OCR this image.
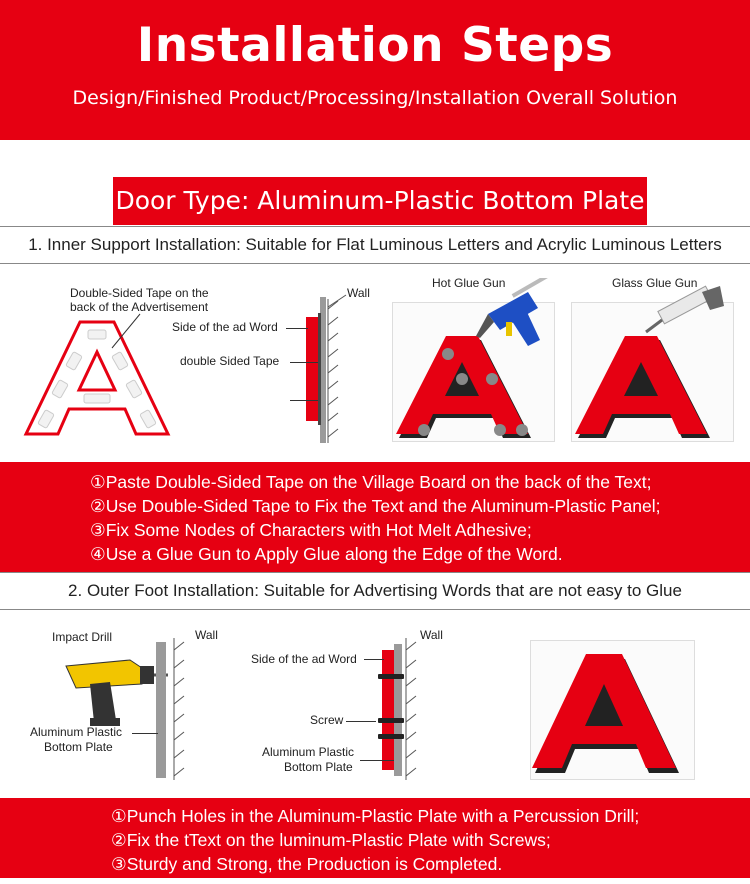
Installation Steps
Design/Finished Product/Processing/Installation Overall Solution
Door Type: Aluminum-Plastic Bottom Plate
1. Inner Support Installation: Suitable for Flat Luminous Letters and Acrylic Luminous Letters
Double-Sided Tape on the
back of the Advertisement
Wall
Side of the ad Word
double Sided Tape
Hot Glue Gun	Glass Glue Gun
①Paste Double-Sided Tape on the Village Board on the back of the Text;
②Use Double-Sided Tape to Fix the Text and the Aluminum-Plastic Panel;
③Fix Some Nodes of Characters with Hot Melt Adhesive;
④Use a Glue Gun to Apply Glue along the Edge of the Word.
2. Outer Foot Installation: Suitable for Advertising Words that are not easy to Glue
Impact Drill	Wall
Aluminum Plastic
Bottom Plate
Wall
Side of the ad Word
Screw
Aluminum Plastic
Bottom Plate
①Punch Holes in the Aluminum-Plastic Plate with a Percussion Drill;
②Fix the tText on the luminum-Plastic Plate with Screws;
③Sturdy and Strong, the Production is Completed.
